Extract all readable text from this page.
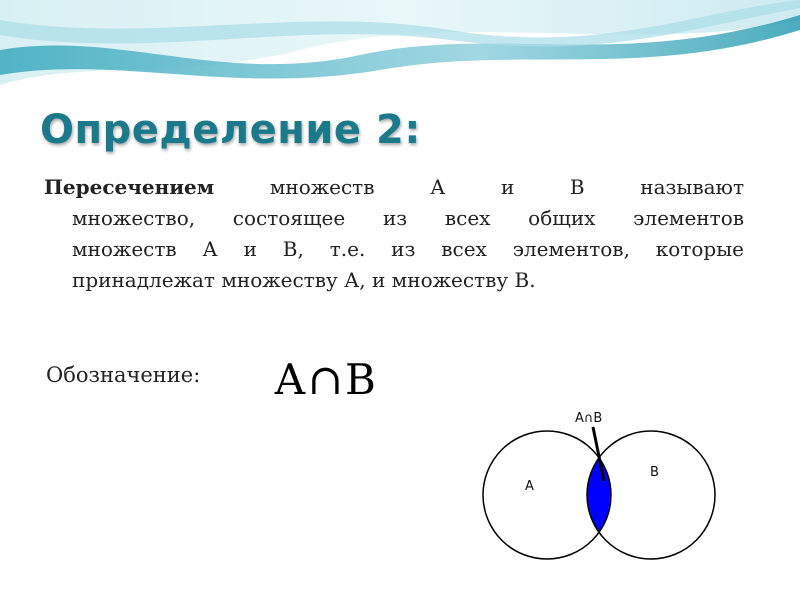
Определение 2:
Пересечением	множеств А и В называют
множество, состоящее из всех общих элементов
множеств А и В, т.е. из всех элементов, которые
принадлежат множеству А, и множеству В.
Обозначение: А∩В
A∩B
A
B
